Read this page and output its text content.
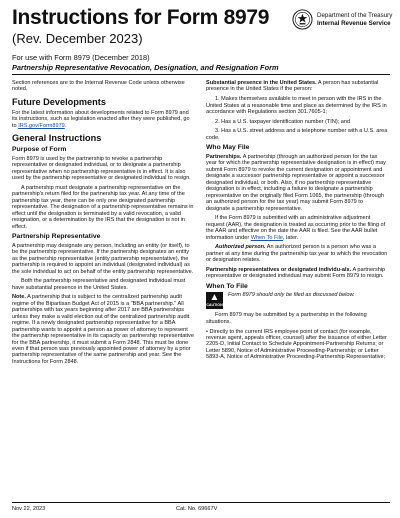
Instructions for Form 8979
(Rev. December 2023)
Department of the Treasury
Internal Revenue Service
For use with Form 8979 (December 2018)
Partnership Representative Revocation, Designation, and Resignation Form

Section references are to the Internal Revenue Code unless otherwise noted.

Future Developments

For the latest information about developments related to Form 8979 and its instructions, such as legislation enacted after they were published, go to IRS.gov/Form8979.

General Instructions
Purpose of Form

Form 8979 is used by the partnership to revoke a partnership representative or designated individual, or to designate a partnership representative when no partnership representative is in effect. It is also used by the partnership representative or designated individual to resign.

A partnership must designate a partnership representative on the partnership's return filed for the partnership tax year. At any time of the partnership tax year, there can be only one designated partnership representative. The designation of a partnership representative remains in effect until the designation is terminated by a valid revocation, a valid resignation, or a determination by the IRS that the designation is not in effect.

Partnership Representative

A partnership may designate any person, including an entity (or itself), to be the partnership representative. If the partnership designates an entity as the partnership representative (entity partnership representative), the partnership is required to appoint an individual (designated individual) as the sole individual to act on behalf of the entity partnership representative.

Both the partnership representative and designated individual must have substantial presence in the United States.

Note. A partnership that is subject to the centralized partnership audit regime of the Bipartisan Budget Act of 2015 is a "BBA partnership." All partnerships with tax years beginning after 2017 are BBA partnerships unless they make a valid election out of the centralized partnership audit regime. If a newly designated partnership representative for a BBA partnership wants to appoint a person as power of attorney to represent the partnership representative in its capacity as partnership representative for the BBA partnership, it must submit a Form 2848. This must be done even if that person was previously appointed power of attorney by a prior partnership representative of the same partnership and year. See the Instructions for Form 2848.

Substantial presence in the United States. A person has substantial presence in the United States if the person:

1. Makes themselves available to meet in person with the IRS in the United States at a reasonable time and place as determined by the IRS in accordance with Regulations section 301.7605-1;

2. Has a U.S. taxpayer identification number (TIN); and

3. Has a U.S. street address and a telephone number with a U.S. area code.

Who May File

Partnerships. A partnership (through an authorized person for the tax year for which the partnership representative designation is in effect) may submit Form 8979 to revoke the current designation or appointment and designate a successor partnership representative or appoint a successor designated individual, or both. Also, if no partnership representative designation is in effect, including a failure to designate a partnership representative on the originally filed Form 1065, the partnership (through an authorized person for the tax year) may submit Form 8979 to designate a partnership representative.

If the Form 8979 is submitted with an administrative adjustment request (AAR), the designation is treated as occurring prior to the filing of the AAR and effective on the date the AAR is filed. See the AAR bullet information under When To File, later.

Authorized person. An authorized person is a person who was a partner at any time during the partnership tax year to which the revocation or designation relates.

Partnership representatives or designated individu-als. A partnership representative or designated individual may submit Form 8979 to resign.

When To File
▲
CAUTION
Form 8979 should only be filed as discussed below.

Form 8979 may be submitted by a partnership in the following situations.

• Directly to the current IRS employee point of contact (for example, revenue agent, appeals officer, counsel) after the issuance of either Letter 2205-D, Initial Contact to Schedule Appointment-Partnership Returns; or Letter 5890, Notice of Administrative Proceeding-Partnership; or Letter 5893-A, Notice of Administrative Proceeding-Partnership Representative;

Nov 22, 2023	Cat. No. 69667V
